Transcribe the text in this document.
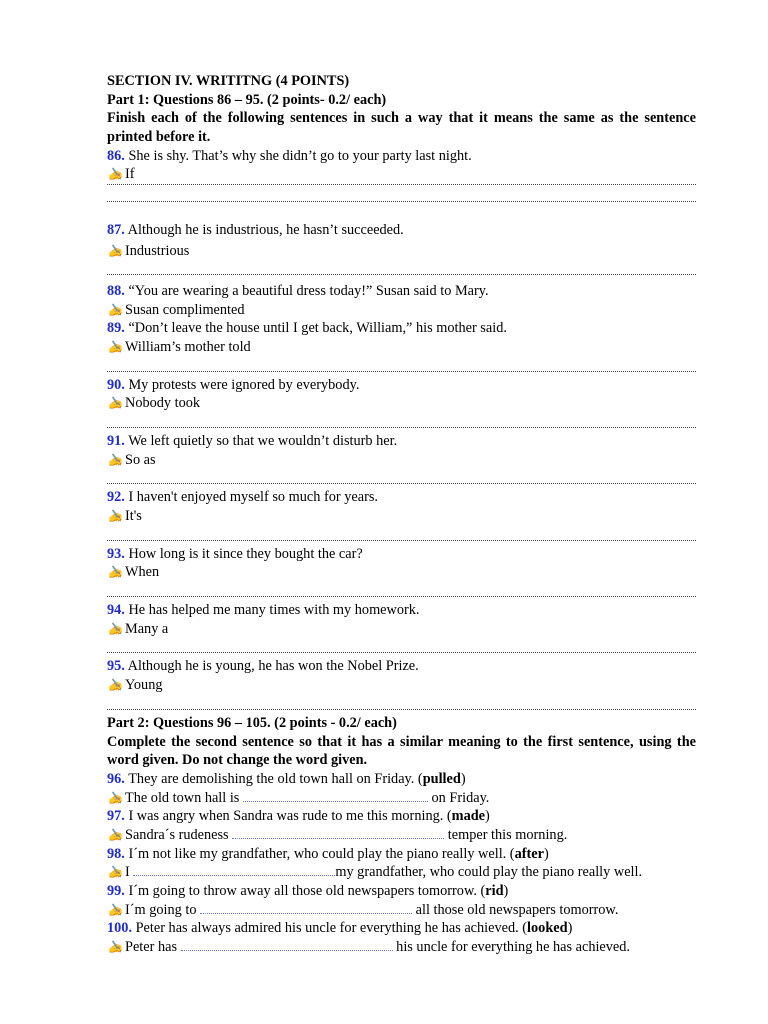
SECTION IV. WRITITNG (4 POINTS)
Part 1: Questions 86 – 95. (2 points- 0.2/ each)
Finish each of the following sentences in such a way that it means the same as the sentence printed before it.
86. She is shy. That’s why she didn’t go to your party last night.
✍ If
87. Although he is industrious, he hasn’t succeeded.
✍ Industrious
88. “You are wearing a beautiful dress today!” Susan said to Mary.
✍ Susan complimented
89. “Don’t leave the house until I get back, William,” his mother said.
✍ William’s mother told
90. My protests were ignored by everybody.
✍ Nobody took
91. We left quietly so that we wouldn’t disturb her.
✍ So as
92. I haven't enjoyed myself so much for years.
✍ It's
93. How long is it since they bought the car?
✍ When
94. He has helped me many times with my homework.
✍ Many a
95. Although he is young, he has won the Nobel Prize.
✍ Young
Part 2: Questions 96 – 105. (2 points - 0.2/ each)
Complete the second sentence so that it has a similar meaning to the first sentence, using the word given. Do not change the word given.
96. They are demolishing the old town hall on Friday. (pulled)
✍ The old town hall is	on Friday.
97. I was angry when Sandra was rude to me this morning. (made)
✍ Sandra´s rudeness	temper this morning.
98. I´m not like my grandfather, who could play the piano really well. (after)
✍ I	my grandfather, who could play the piano really well.
99. I´m going to throw away all those old newspapers tomorrow. (rid)
✍ I´m going to	all those old newspapers tomorrow.
100. Peter has always admired his uncle for everything he has achieved. (looked)
✍ Peter has	his uncle for everything he has achieved.
